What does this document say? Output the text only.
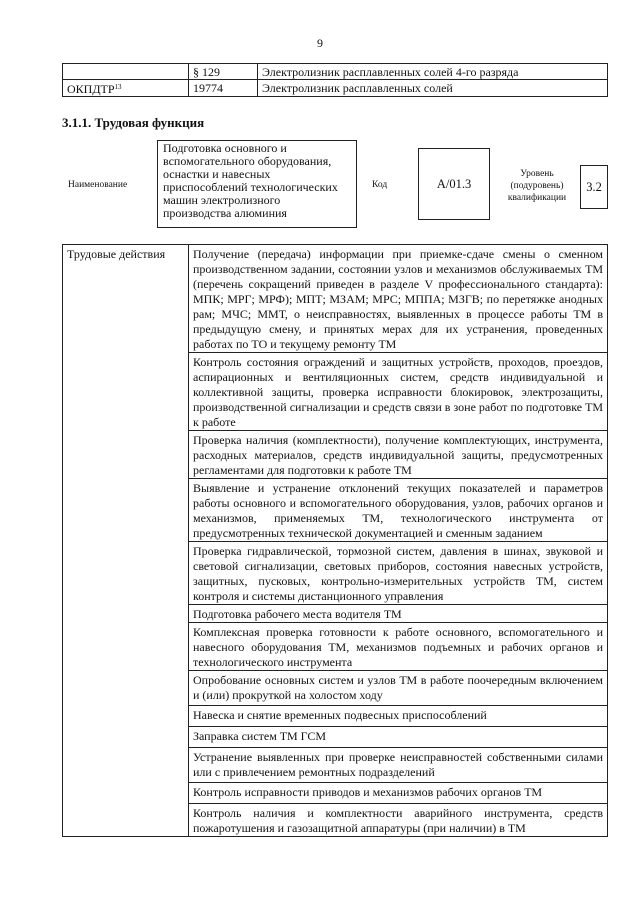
9
	§ 129	Электролизник расплавленных солей 4-го разряда
ОКПДТР$^{13}$	19774	Электролизник расплавленных солей
3.1.1. Трудовая функция
Наименование
Подготовка основного и вспомогательного оборудования, оснастки и навесных приспособлений технологических машин электролизного производства алюминия
Код	A/01.3
Уровень (подуровень) квалификации
3.2
Трудовые действия	Получение (передача) информации при приемке-сдаче смены о сменном производственном задании, состоянии узлов и механизмов обслуживаемых ТМ (перечень сокращений приведен в разделе V профессионального стандарта): МПК; МРГ; МРФ); МПТ; МЗАМ; МРС; МППА; МЗГВ; по перетяжке анодных рам; МЧС; ММТ, о неисправностях, выявленных в процессе работы ТМ в предыдущую смену, и принятых мерах для их устранения, проведенных работах по ТО и текущему ремонту ТМ
Контроль состояния ограждений и защитных устройств, проходов, проездов, аспирационных и вентиляционных систем, средств индивидуальной и коллективной защиты, проверка исправности блокировок, электрозащиты, производственной сигнализации и средств связи в зоне работ по подготовке ТМ к работе
Проверка наличия (комплектности), получение комплектующих, инструмента, расходных материалов, средств индивидуальной защиты, предусмотренных регламентами для подготовки к работе ТМ
Выявление и устранение отклонений текущих показателей и параметров работы основного и вспомогательного оборудования, узлов, рабочих органов и механизмов, применяемых ТМ, технологического инструмента от предусмотренных технической документацией и сменным заданием
Проверка гидравлической, тормозной систем, давления в шинах, звуковой и световой сигнализации, световых приборов, состояния навесных устройств, защитных, пусковых, контрольно-измерительных устройств ТМ, систем контроля и системы дистанционного управления
Подготовка рабочего места водителя ТМ
Комплексная проверка готовности к работе основного, вспомогательного и навесного оборудования ТМ, механизмов подъемных и рабочих органов и технологического инструмента
Опробование основных систем и узлов ТМ в работе поочередным включением и (или) прокруткой на холостом ходу
Навеска и снятие временных подвесных приспособлений
Заправка систем ТМ ГСМ
Устранение выявленных при проверке неисправностей собственными силами или с привлечением ремонтных подразделений
Контроль исправности приводов и механизмов рабочих органов ТМ
Контроль наличия и комплектности аварийного инструмента, средств пожаротушения и газозащитной аппаратуры (при наличии) в ТМ
